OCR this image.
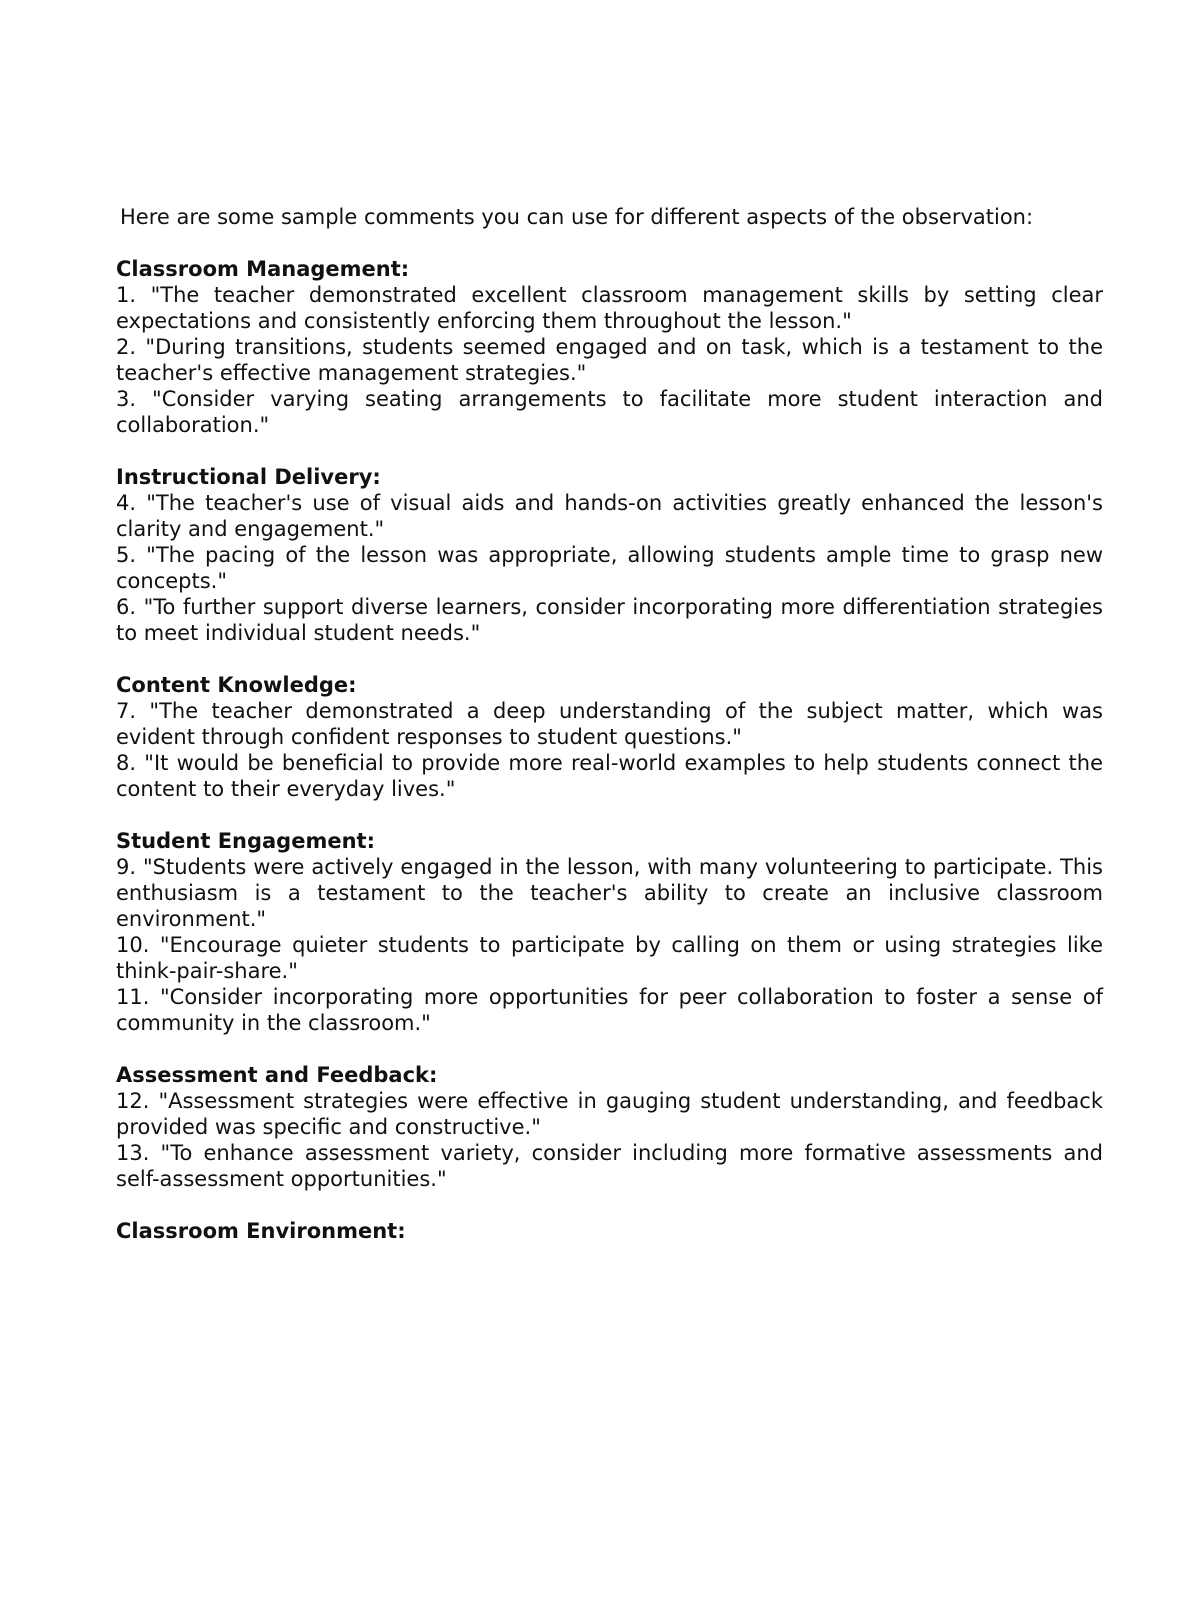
Here are some sample comments you can use for different aspects of the observation:

Classroom Management:

1. "The teacher demonstrated excellent classroom management skills by setting clear expectations and consistently enforcing them throughout the lesson."

2. "During transitions, students seemed engaged and on task, which is a testament to the teacher's effective management strategies."

3. "Consider varying seating arrangements to facilitate more student interaction and collaboration."

Instructional Delivery:

4. "The teacher's use of visual aids and hands-on activities greatly enhanced the lesson's clarity and engagement."

5. "The pacing of the lesson was appropriate, allowing students ample time to grasp new concepts."

6. "To further support diverse learners, consider incorporating more differentiation strategies to meet individual student needs."

Content Knowledge:

7. "The teacher demonstrated a deep understanding of the subject matter, which was evident through confident responses to student questions."

8. "It would be beneficial to provide more real-world examples to help students connect the content to their everyday lives."

Student Engagement:

9. "Students were actively engaged in the lesson, with many volunteering to participate. This enthusiasm is a testament to the teacher's ability to create an inclusive classroom environment."

10. "Encourage quieter students to participate by calling on them or using strategies like think-pair-share."

11. "Consider incorporating more opportunities for peer collaboration to foster a sense of community in the classroom."

Assessment and Feedback:

12. "Assessment strategies were effective in gauging student understanding, and feedback provided was specific and constructive."

13. "To enhance assessment variety, consider including more formative assessments and self-assessment opportunities."

Classroom Environment:
